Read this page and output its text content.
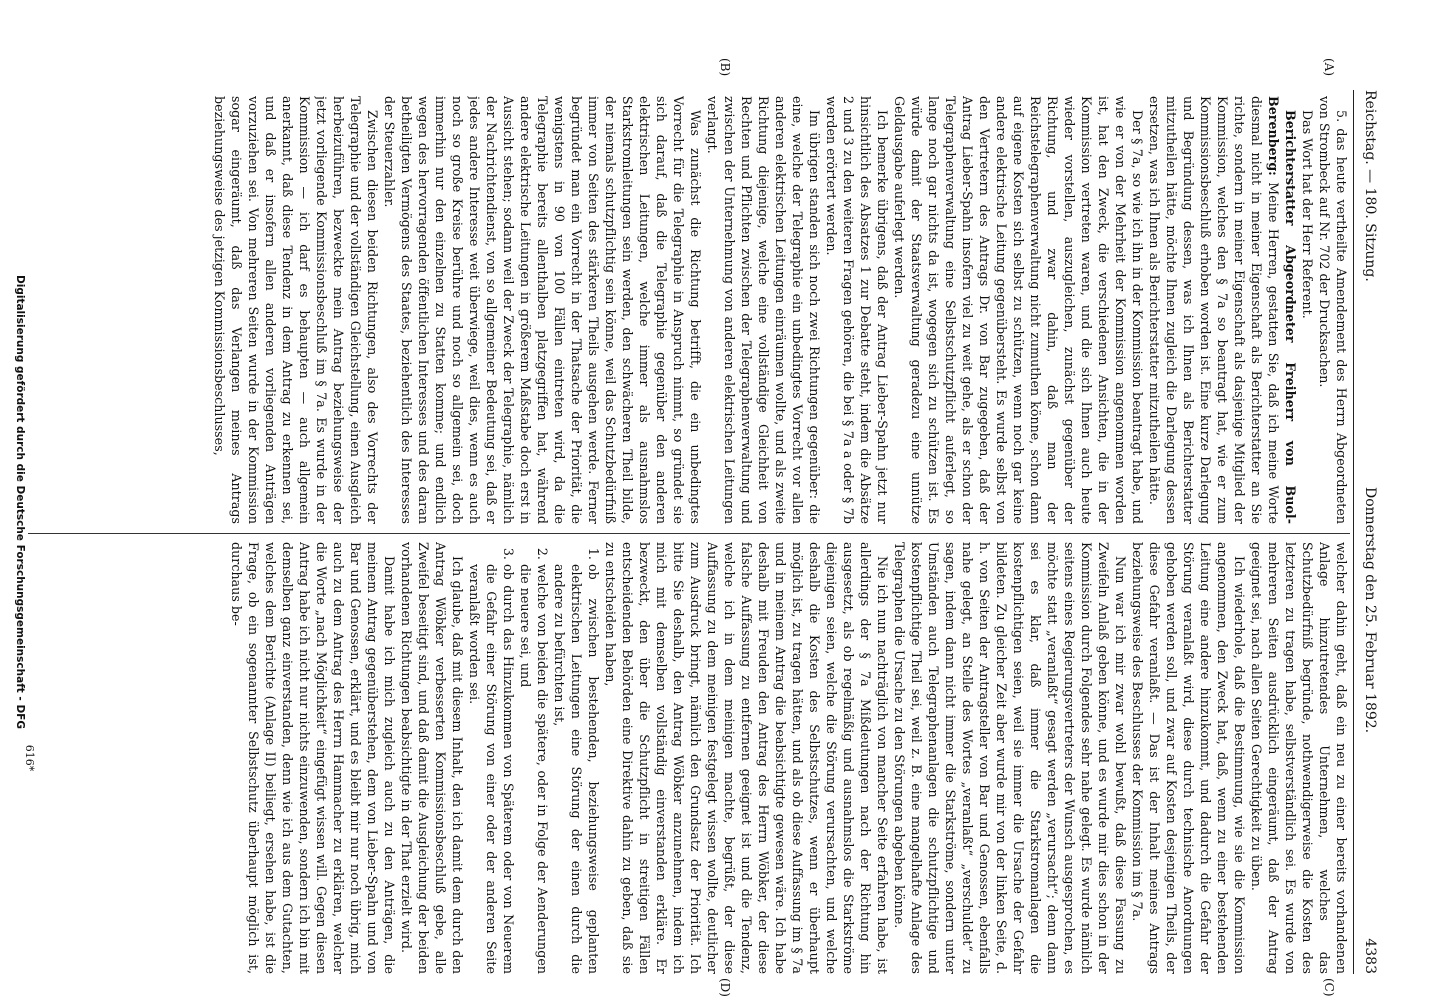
Reichstag. — 180. Sitzung.
Donnerstag den 25. Februar 1892.
4383
(A)
(B)
(C)
(D)

5. das heute vertheilte Amendement des Herrn Abgeordneten von Strombeck auf Nr. 702 der Drucksachen.

Das Wort hat der Herr Referent.

Berichterstatter Abgeordneter Freiherr von Buol-Berenberg: Meine Herren, gestatten Sie, daß ich meine Worte diesmal nicht in meiner Eigenschaft als Berichterstatter an Sie richte, sondern in meiner Eigenschaft als dasjenige Mitglied der Kommission, welches den § 7a so beantragt hat, wie er zum Kommissionsbeschluß erhoben worden ist. Eine kurze Darlegung und Begründung dessen, was ich Ihnen als Berichterstatter mitzutheilen hätte, möchte Ihnen zugleich die Darlegung dessen ersetzen, was ich Ihnen als Berichterstatter mitzutheilen hätte.

Der § 7a, so wie ich ihn in der Kommission beantragt habe, und wie er von der Mehrheit der Kommission angenommen worden ist, hat den Zweck, die verschiedenen Ansichten, die in der Kommission vertreten waren, und die sich Ihnen auch heute wieder vorstellen, auszugleichen, zunächst gegenüber der Richtung, und zwar dahin, daß man der Reichstelegraphenverwaltung nicht zumuthen könne, schon dann auf eigene Kosten sich selbst zu schützen, wenn noch gar keine andere elektrische Leitung gegenübersteht. Es wurde selbst von den Vertretern des Antrags Dr. von Bar zugegeben, daß der Antrag Lieber-Spahn insofern viel zu weit gehe, als er schon der Telegraphenverwaltung eine Selbstschutzpflicht auferlegt, so lange noch gar nichts da ist, wogegen sich zu schützen ist. Es würde damit der Staatsverwaltung geradezu eine unnütze Geldausgabe auferlegt werden.

Ich bemerke übrigens, daß der Antrag Lieber-Spahn jetzt nur hinsichtlich des Absatzes 1 zur Debatte steht, indem die Absätze 2 und 3 zu den weiteren Fragen gehören, die bei § 7a a oder § 7b werden erörtert werden.

Im übrigen standen sich noch zwei Richtungen gegenüber: die eine, welche der Telegraphie ein unbedingtes Vorrecht vor allen anderen elektrischen Leitungen einräumen wollte, und als zweite Richtung diejenige, welche eine vollständige Gleichheit von Rechten und Pflichten zwischen der Telegraphenverwaltung und zwischen der Unternehmung von anderen elektrischen Leitungen verlangt.

Was zunächst die Richtung betrifft, die ein unbedingtes Vorrecht für die Telegraphie in Anspruch nimmt, so gründet sie sich darauf, daß die Telegraphie gegenüber den anderen elektrischen Leitungen, welche immer als ausnahmslos Starkstromleitungen sein werden, den schwächeren Theil bilde, der niemals schutzpflichtig sein könne, weil das Schutzbedürfniß immer von Seiten des stärkeren Theils ausgehen werde. Ferner begründet man ein Vorrecht in der Thatsache der Priorität, die wenigstens in 90 von 100 Fällen eintreten wird, da die Telegraphie bereits allenthalben platzgegriffen hat, während andere elektrische Leitungen in größerem Maßstabe doch erst in Aussicht stehen; sodann weil der Zweck der Telegraphie, nämlich der Nachrichtendienst, von so allgemeiner Bedeutung sei, daß er jedes andere Interesse weit überwiege, weil dies, wenn es auch noch so große Kreise berühre und noch so allgemein sei, doch immerhin nur den einzelnen zu Statten komme; und endlich wegen des hervorragenden öffentlichen Interesses und des daran betheiligten Vermögens des Staates, beziehentlich des Interesses der Steuerzahler.

Zwischen diesen beiden Richtungen, also des Vorrechts der Telegraphie und der vollständigen Gleichstellung, einen Ausgleich herbeizuführen, bezweckte mein Antrag beziehungsweise der jetzt vorliegende Kommissionsbeschluß im § 7a. Es wurde in der Kommission — ich darf es behaupten — auch allgemein anerkannt, daß diese Tendenz in dem Antrag zu erkennen sei, und daß er insofern allen anderen vorliegenden Anträgen vorzuziehen sei. Von mehreren Seiten wurde in der Kommission sogar eingeräumt, daß das Verlangen meines Antrags beziehungsweise des jetzigen Kommissionsbeschlusses,

welcher dahin geht, daß ein neu zu einer bereits vorhandenen Anlage hinzutretendes Unternehmen, welches das Schutzbedürfniß begründe, nothwendigerweise die Kosten des letzteren zu tragen habe, selbstverständlich sei. Es wurde von mehreren Seiten ausdrücklich eingeräumt, daß der Antrag geeignet sei, nach allen Seiten Gerechtigkeit zu üben.

Ich wiederhole, daß die Bestimmung, wie sie die Kommission angenommen, den Zweck hat, daß, wenn zu einer bestehenden Leitung eine andere hinzukommt, und dadurch die Gefahr der Störung veranlaßt wird, diese durch technische Anordnungen gehoben werden soll, und zwar auf Kosten desjenigen Theils, der diese Gefahr veranlaßt. — Das ist der Inhalt meines Antrags beziehungsweise des Beschlusses der Kommission im § 7a.

Nun war ich mir zwar wohl bewußt, daß diese Fassung zu Zweifeln Anlaß geben könne, und es wurde mir dies schon in der Kommission durch Folgendes sehr nahe gelegt. Es wurde nämlich seitens eines Regierungsvertreters der Wunsch ausgesprochen, es möchte statt „veranlaßt“ gesagt werden „verursacht“; denn dann sei es klar, daß immer die Starkstromanlagen die kostenpflichtigen seien, weil sie immer die Ursache der Gefahr bildeten. Zu gleicher Zeit aber wurde mir von der linken Seite, d. h. von Seiten der Antragsteller von Bar und Genossen, ebenfalls nahe gelegt, an Stelle des Wortes „veranlaßt“ „verschuldet“ zu sagen, indem dann nicht immer die Starkströme, sondern unter Umständen auch Telegraphenanlagen die schutzpflichtige und kostenpflichtige Theil sei, weil z. B. eine mangelhafte Anlage des Telegraphen die Ursache zu den Störungen abgeben könne.

Nie ich nun nachträglich von mancher Seite erfahren habe, ist allerdings der § 7a Mißdeutungen nach der Richtung hin ausgesetzt, als ob regelmäßig und ausnahmslos die Starkströme diejenigen seien, welche die Störung verursachten, und welche deshalb die Kosten des Selbstschutzes, wenn er überhaupt möglich ist, zu tragen hätten, und als ob diese Auffassung im § 7a und in meinem Antrag die beabsichtigte gewesen wäre. Ich habe deshalb mit Freuden den Antrag des Herrn Wöbker, der diese falsche Auffassung zu entfernen geeignet ist und die Tendenz, welche ich in dem meinigen machte, begrüßt, der diese Auffassung zu dem meinigen festgelegt wissen wollte, deutlicher zum Ausdruck bringt, nämlich den Grundsatz der Priorität. Ich bitte Sie deshalb, den Antrag Wöbker anzunehmen, indem ich mich mit demselben vollständig einverstanden erkläre. Er bezweckt, den über die Schutzpflicht in streitigen Fällen entscheidenden Behörden eine Direktive dahin zu geben, daß sie zu entscheiden haben,

1. ob zwischen bestehenden, beziehungsweise geplanten elektrischen Leitungen eine Störung der einen durch die andere zu befürchten ist,
2. welche von beiden die spätere, oder in Folge der Aenderungen die neuere sei, und
3. ob durch das Hinzukommen von Späterem oder von Neuerem die Gefahr einer Störung von einer oder der anderen Seite veranlaßt worden sei.

Ich glaube, daß mit diesem Inhalt, den ich damit dem durch den Antrag Wöbker verbesserten Kommissionsbeschluß gebe, alle Zweifel beseitigt sind, und daß damit die Ausgleichung der beiden vorhandenen Richtungen beabsichtigte in der That erzielt wird.

Damit habe ich mich zugleich auch zu den Anträgen, die meinem Antrag gegenüberstehen, dem von Lieber-Spahn und von Bar und Genossen, erklärt, und es bleibt mir nur noch übrig, mich auch zu dem Antrag des Herrn Hammacher zu erklären, welcher die Worte „nach Möglichkeit“ eingefügt wissen will. Gegen diesen Antrag habe ich nicht nur nichts einzuwenden, sondern ich bin mit demselben ganz einverstanden, denn wie ich aus dem Gutachten, welches dem Berichte (Anlage II) beiliegt, ersehen habe, ist die Frage, ob ein sogenannter Selbstschutz überhaupt möglich ist, durchaus be-

616*
Digitalisierung gefördert durch die Deutsche Forschungsgemeinschaft - DFG
